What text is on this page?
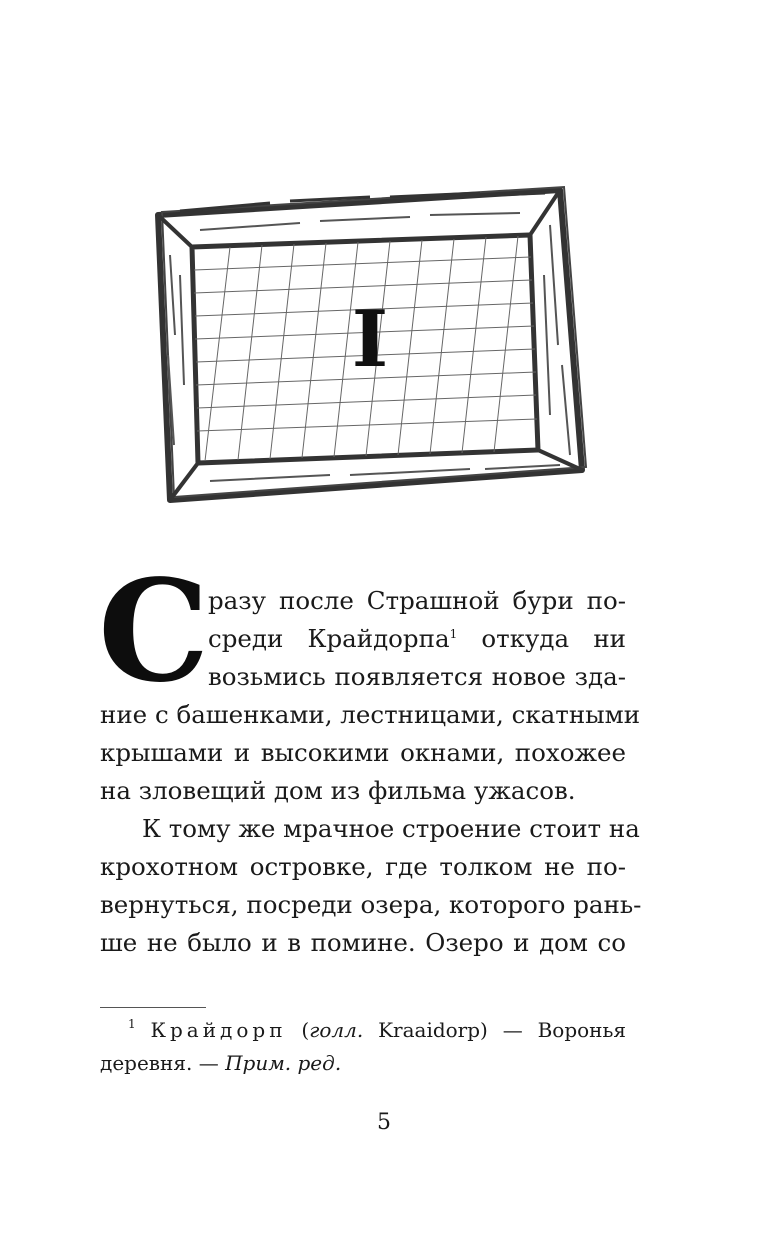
I
С
разу после Страшной бури по-
среди Крайдорпа$^1$ откуда ни
возьмись появляется новое зда-
ние с башенками, лестницами, скатными
крышами и высокими окнами, похожее
на зловещий дом из фильма ужасов.
К тому же мрачное строение стоит на
крохотном островке, где толком не по-
вернуться, посреди озера, которого рань-
ше не было и в помине. Озеро и дом со
$^1$ Крайдорп (голл. Kraaidorp) — Воронья
деревня. — Прим. ред.
5
